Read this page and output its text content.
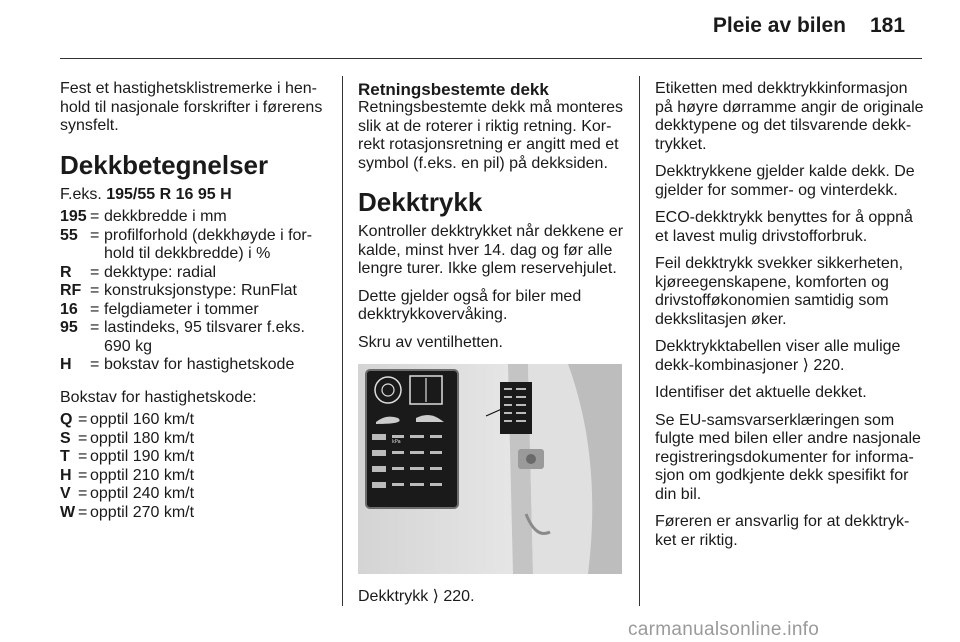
Pleie av bilen 181

Fest et hastighetsklistremerke i henhold til nasjonale forskrifter i førerens synsfelt.

Dekkbetegnelser

F.eks. 195/55 R 16 95 H

195 = dekkbredde i mm
55 = profilforhold (dekkhøyde i forhold til dekkbredde) i %
R	= dekktype: radial
RF = konstruksjonstype: RunFlat
16 = felgdiameter i tommer
95 = lastindeks, 95 tilsvarer f.eks. 690 kg
H	= bokstav for hastighetskode

Bokstav for hastighetskode:

Q = opptil 160 km/t
S = opptil 180 km/t
T = opptil 190 km/t
H = opptil 210 km/t
V = opptil 240 km/t
W = opptil 270 km/t
Retningsbestemte dekk

Retningsbestemte dekk må monteres slik at de roterer i riktig retning. Korrekt rotasjonsretning er angitt med et symbol (f.eks. en pil) på dekksiden.

Dekktrykk

Kontroller dekktrykket når dekkene er kalde, minst hver 14. dag og før alle lengre turer. Ikke glem reservehjulet.

Dette gjelder også for biler med dekktrykkovervåking.

Skru av ventilhetten.

kPa

Dekktrykk ⟩ 220.

Etiketten med dekktrykkinformasjon på høyre dørramme angir de originale dekktypene og det tilsvarende dekktrykket.

Dekktrykkene gjelder kalde dekk. De gjelder for sommer- og vinterdekk.

ECO-dekktrykk benyttes for å oppnå et lavest mulig drivstofforbruk.

Feil dekktrykk svekker sikkerheten, kjøreegenskapene, komforten og drivstofføkonomien samtidig som dekkslitasjen øker.

Dekktrykktabellen viser alle mulige dekk-kombinasjoner ⟩ 220.

Identifiser det aktuelle dekket.

Se EU-samsvarserklæringen som fulgte med bilen eller andre nasjonale registreringsdokumenter for informasjon om godkjente dekk spesifikt for din bil.

Føreren er ansvarlig for at dekktrykket er riktig.

carmanualsonline.info
